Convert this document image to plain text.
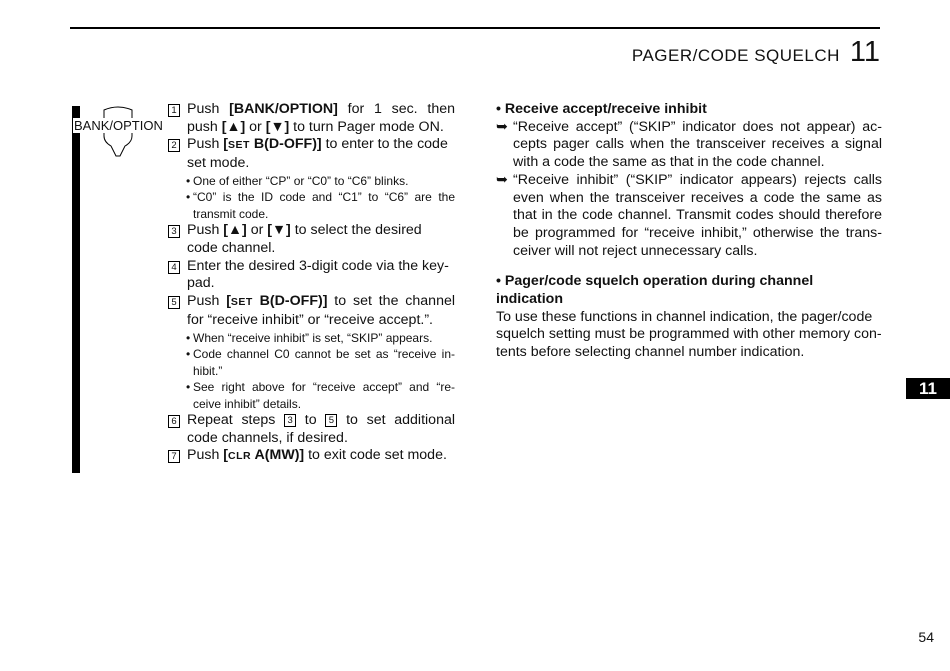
PAGER/CODE SQUELCH 11
BANK/OPTION
1 Push [BANK/OPTION] for 1 sec. then push [▲] or [▼] to turn Pager mode ON.
2 Push [SET B(D-OFF)] to enter to the code set mode.
• One of either “CP” or “C0” to “C6” blinks.
• “C0” is the ID code and “C1” to “C6” are the transmit code.
3 Push [▲] or [▼] to select the desired code channel.
4 Enter the desired 3-digit code via the key-pad.
5 Push [SET B(D-OFF)] to set the channel for “receive inhibit” or “receive accept.”.
• When “receive inhibit” is set, “SKIP” appears.
• Code channel C0 cannot be set as “receive in-hibit.”
• See right above for “receive accept” and “re-ceive inhibit” details.
6 Repeat steps 3 to 5 to set additional code channels, if desired.
7 Push [CLR A(MW)] to exit code set mode.
• Receive accept/receive inhibit
➥ “Receive accept” (“SKIP” indicator does not appear) ac-cepts pager calls when the transceiver receives a signal with a code the same as that in the code channel.
➥ “Receive inhibit” (“SKIP” indicator appears) rejects calls even when the transceiver receives a code the same as that in the code channel. Transmit codes should therefore be programmed for “receive inhibit,” otherwise the trans-ceiver will not reject unnecessary calls.
• Pager/code squelch operation during channel indication
To use these functions in channel indication, the pager/code squelch setting must be programmed with other memory con-tents before selecting channel number indication.
11
54
